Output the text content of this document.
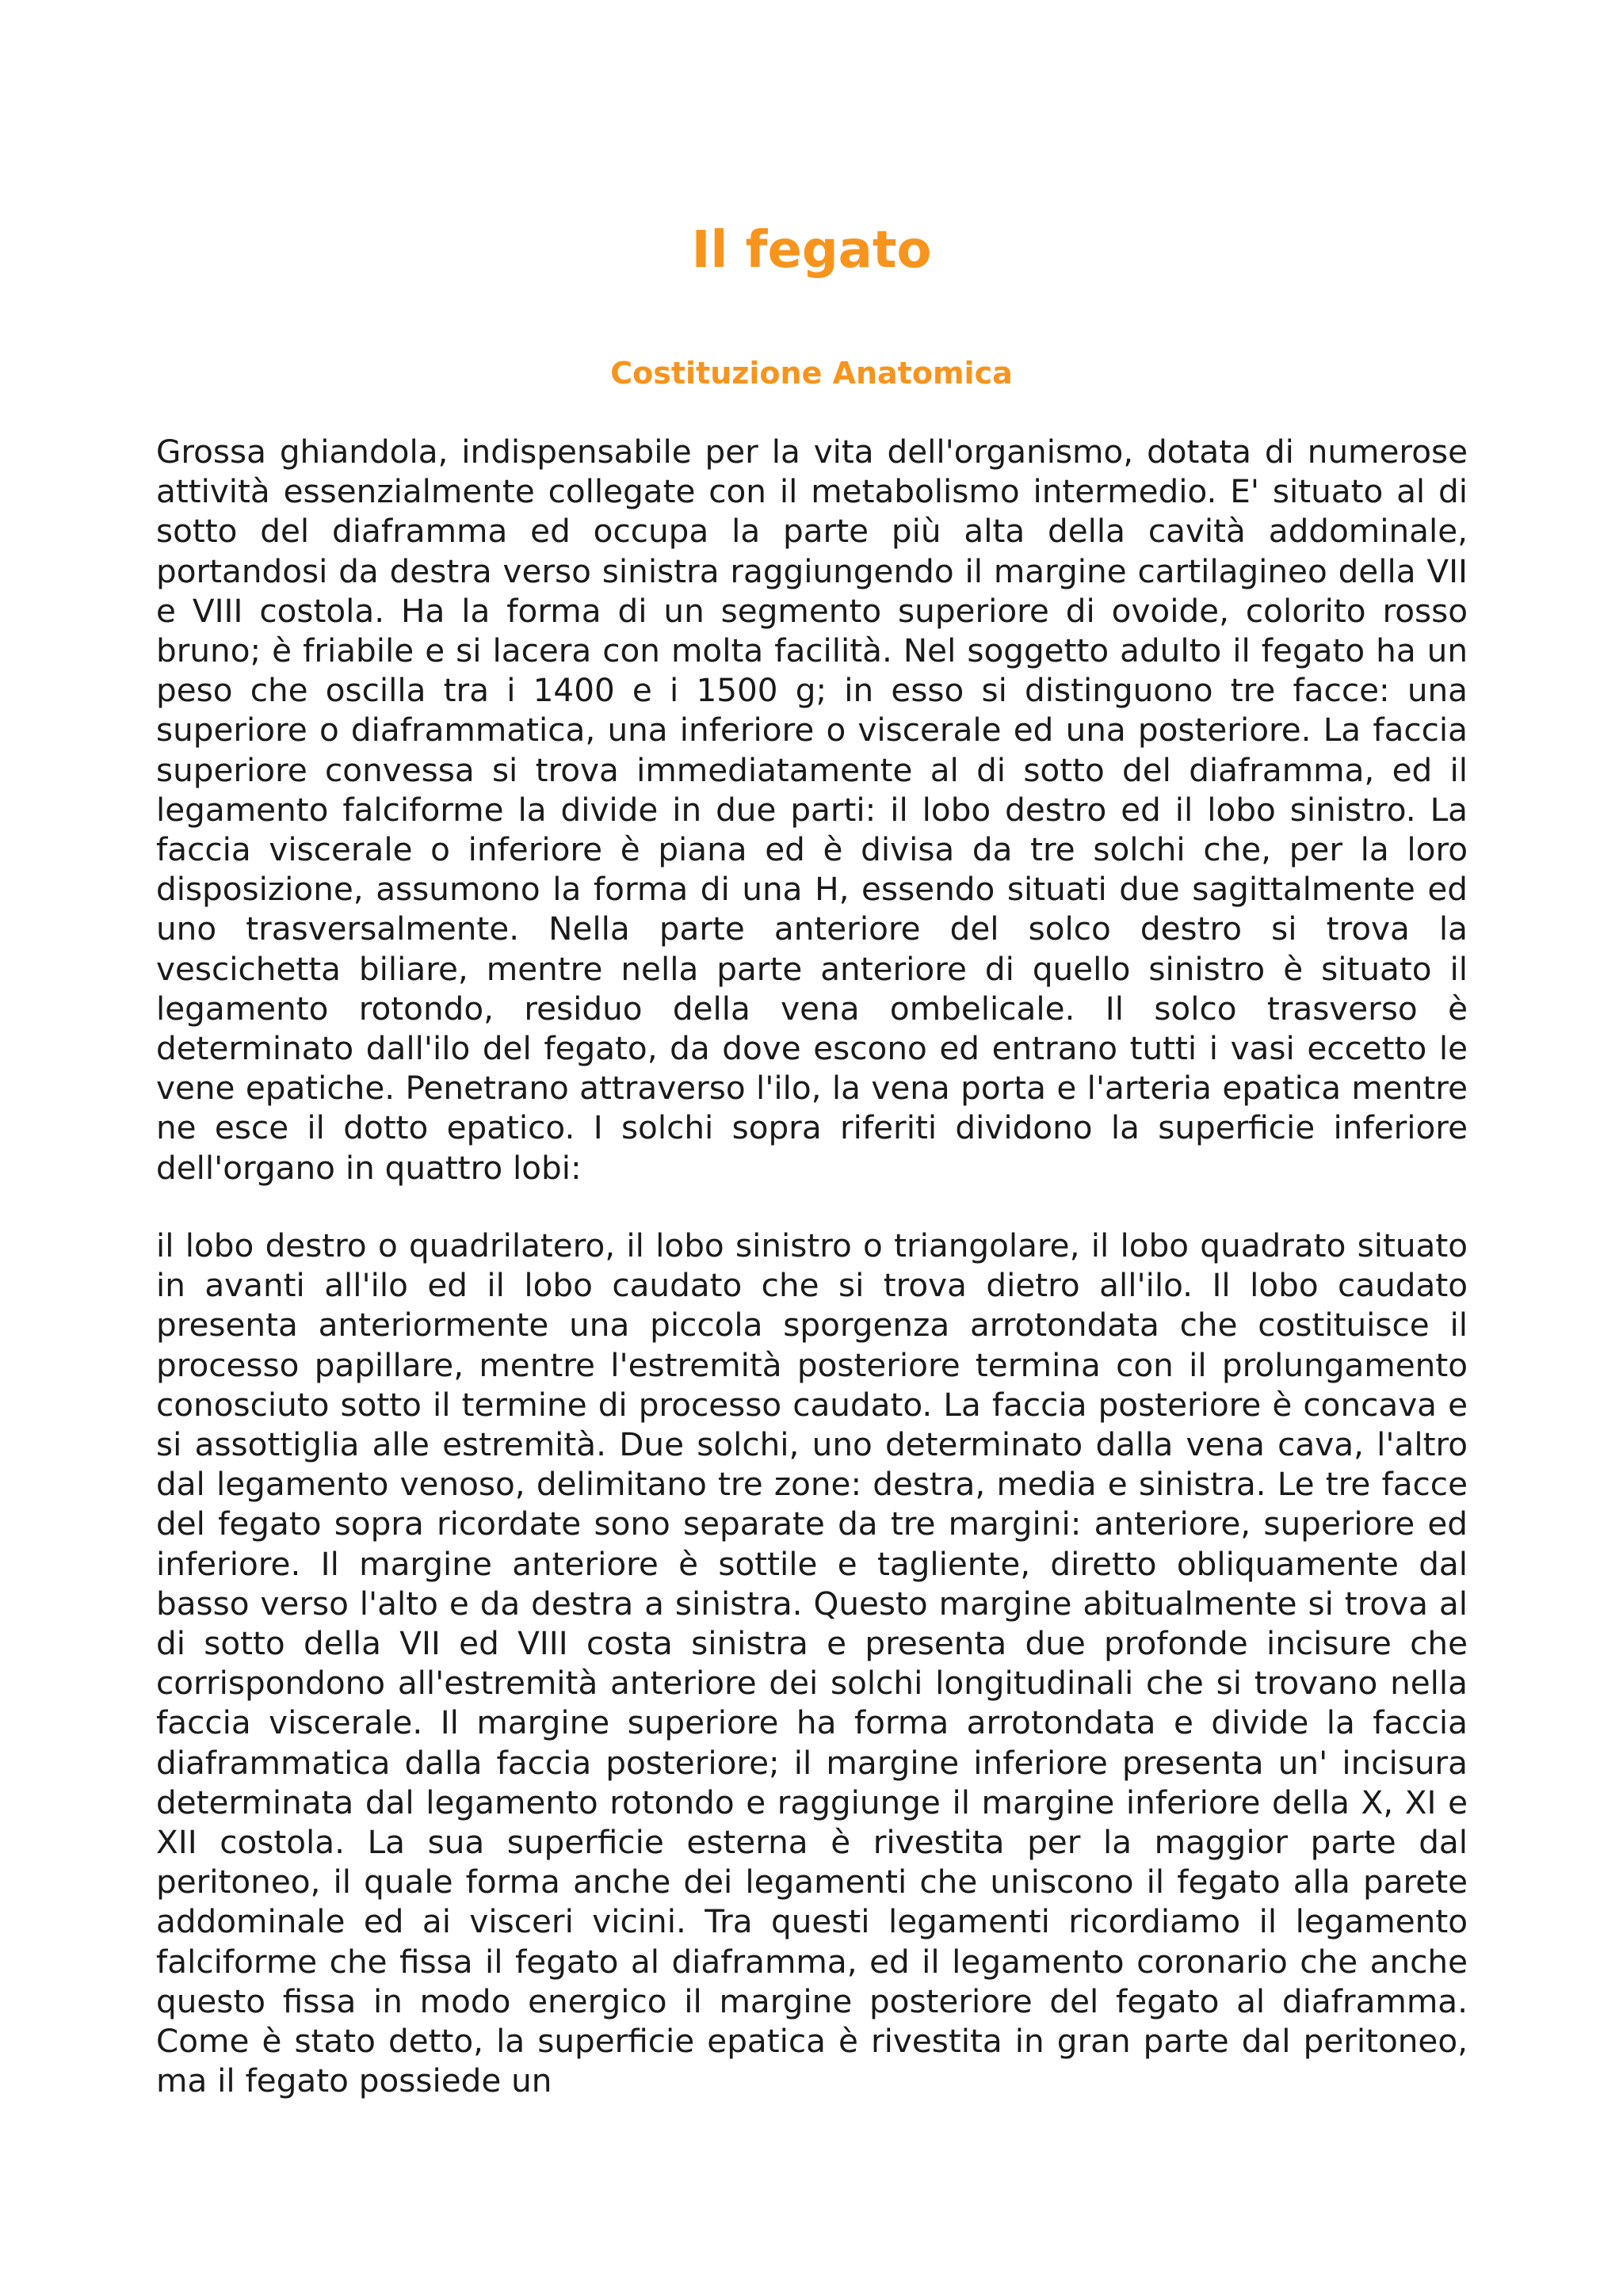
Il fegato
Costituzione Anatomica

Grossa ghiandola, indispensabile per la vita dell'organismo, dotata di numerose attività essenzialmente collegate con il metabolismo intermedio. E' situato al di sotto del diaframma ed occupa la parte più alta della cavità addominale, portandosi da destra verso sinistra raggiungendo il margine cartilagineo della VII e VIII costola. Ha la forma di un segmento superiore di ovoide, colorito rosso bruno; è friabile e si lacera con molta facilità. Nel soggetto adulto il fegato ha un peso che oscilla tra i 1400 e i 1500 g; in esso si distinguono tre facce: una superiore o diaframmatica, una inferiore o viscerale ed una posteriore. La faccia superiore convessa si trova immediatamente al di sotto del diaframma, ed il legamento falciforme la divide in due parti: il lobo destro ed il lobo sinistro. La faccia viscerale o inferiore è piana ed è divisa da tre solchi che, per la loro disposizione, assumono la forma di una H, essendo situati due sagittalmente ed uno trasversalmente. Nella parte anteriore del solco destro si trova la vescichetta biliare, mentre nella parte anteriore di quello sinistro è situato il legamento rotondo, residuo della vena ombelicale. Il solco trasverso è determinato dall'ilo del fegato, da dove escono ed entrano tutti i vasi eccetto le vene epatiche. Penetrano attraverso l'ilo, la vena porta e l'arteria epatica mentre ne esce il dotto epatico. I solchi sopra riferiti dividono la superficie inferiore dell'organo in quattro lobi:

il lobo destro o quadrilatero, il lobo sinistro o triangolare, il lobo quadrato situato in avanti all'ilo ed il lobo caudato che si trova dietro all'ilo. Il lobo caudato presenta anteriormente una piccola sporgenza arrotondata che costituisce il processo papillare, mentre l'estremità posteriore termina con il prolungamento conosciuto sotto il termine di processo caudato. La faccia posteriore è concava e si assottiglia alle estremità. Due solchi, uno determinato dalla vena cava, l'altro dal legamento venoso, delimitano tre zone: destra, media e sinistra. Le tre facce del fegato sopra ricordate sono separate da tre margini: anteriore, superiore ed inferiore. Il margine anteriore è sottile e tagliente, diretto obliquamente dal basso verso l'alto e da destra a sinistra. Questo margine abitualmente si trova al di sotto della VII ed VIII costa sinistra e presenta due profonde incisure che corrispondono all'estremità anteriore dei solchi longitudinali che si trovano nella faccia viscerale. Il margine superiore ha forma arrotondata e divide la faccia diaframmatica dalla faccia posteriore; il margine inferiore presenta un' incisura determinata dal legamento rotondo e raggiunge il margine inferiore della X, XI e XII costola. La sua superficie esterna è rivestita per la maggior parte dal peritoneo, il quale forma anche dei legamenti che uniscono il fegato alla parete addominale ed ai visceri vicini. Tra questi legamenti ricordiamo il legamento falciforme che fissa il fegato al diaframma, ed il legamento coronario che anche questo fissa in modo energico il margine posteriore del fegato al diaframma. Come è stato detto, la superficie epatica è rivestita in gran parte dal peritoneo, ma il fegato possiede un
